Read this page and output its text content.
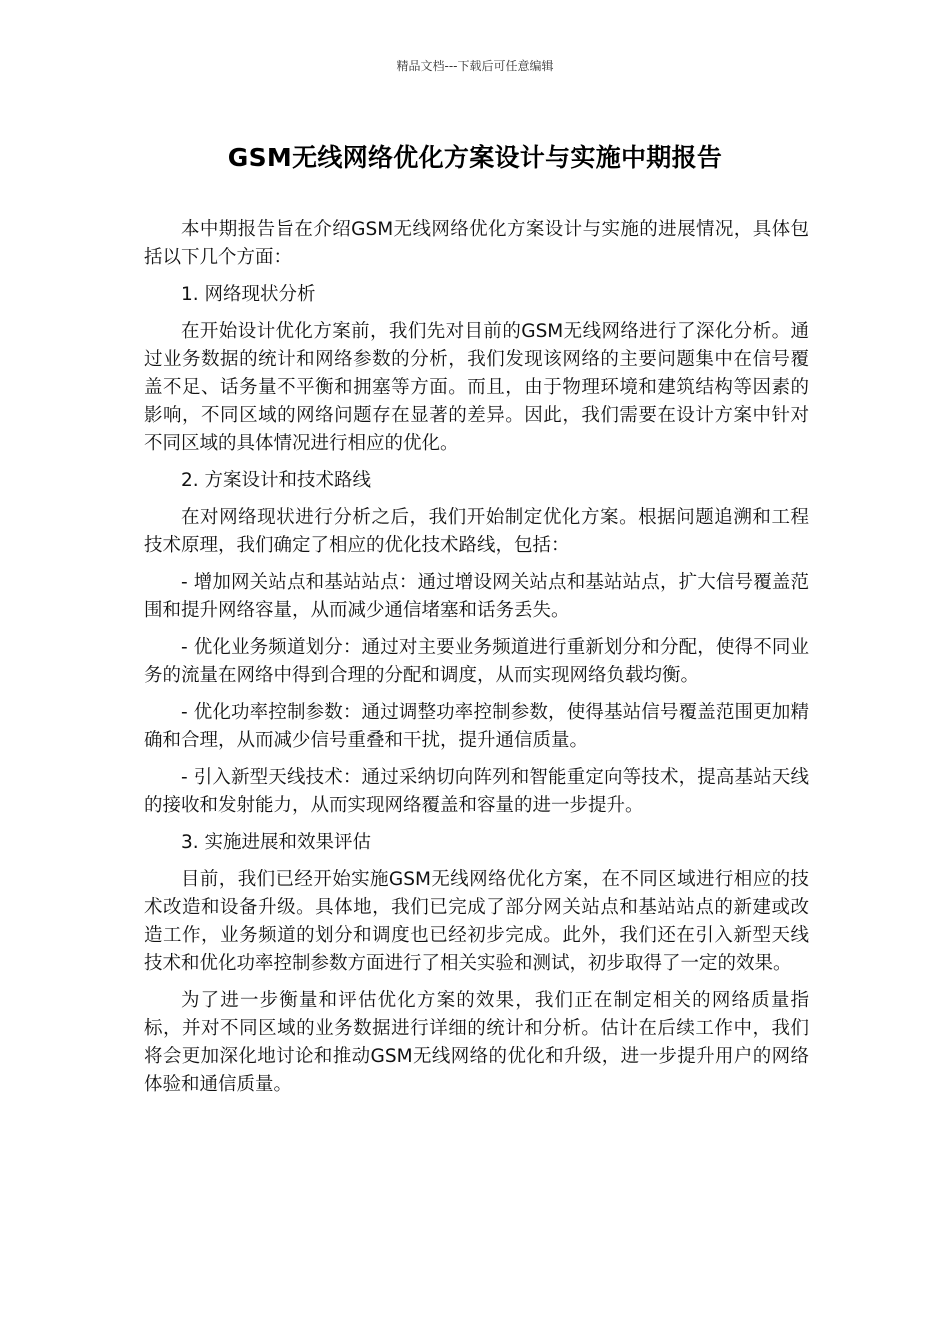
精品文档---下载后可任意编辑
GSM无线网络优化方案设计与实施中期报告

本中期报告旨在介绍GSM无线网络优化方案设计与实施的进展情况，具体包括以下几个方面：

1. 网络现状分析

在开始设计优化方案前，我们先对目前的GSM无线网络进行了深化分析。通过业务数据的统计和网络参数的分析，我们发现该网络的主要问题集中在信号覆盖不足、话务量不平衡和拥塞等方面。而且，由于物理环境和建筑结构等因素的影响，不同区域的网络问题存在显著的差异。因此，我们需要在设计方案中针对不同区域的具体情况进行相应的优化。

2. 方案设计和技术路线

在对网络现状进行分析之后，我们开始制定优化方案。根据问题追溯和工程技术原理，我们确定了相应的优化技术路线，包括：

- 增加网关站点和基站站点：通过增设网关站点和基站站点，扩大信号覆盖范围和提升网络容量，从而减少通信堵塞和话务丢失。

- 优化业务频道划分：通过对主要业务频道进行重新划分和分配，使得不同业务的流量在网络中得到合理的分配和调度，从而实现网络负载均衡。

- 优化功率控制参数：通过调整功率控制参数，使得基站信号覆盖范围更加精确和合理，从而减少信号重叠和干扰，提升通信质量。

- 引入新型天线技术：通过采纳切向阵列和智能重定向等技术，提高基站天线的接收和发射能力，从而实现网络覆盖和容量的进一步提升。

3. 实施进展和效果评估

目前，我们已经开始实施GSM无线网络优化方案，在不同区域进行相应的技术改造和设备升级。具体地，我们已完成了部分网关站点和基站站点的新建或改造工作，业务频道的划分和调度也已经初步完成。此外，我们还在引入新型天线技术和优化功率控制参数方面进行了相关实验和测试，初步取得了一定的效果。

为了进一步衡量和评估优化方案的效果，我们正在制定相关的网络质量指标，并对不同区域的业务数据进行详细的统计和分析。估计在后续工作中，我们将会更加深化地讨论和推动GSM无线网络的优化和升级，进一步提升用户的网络体验和通信质量。
